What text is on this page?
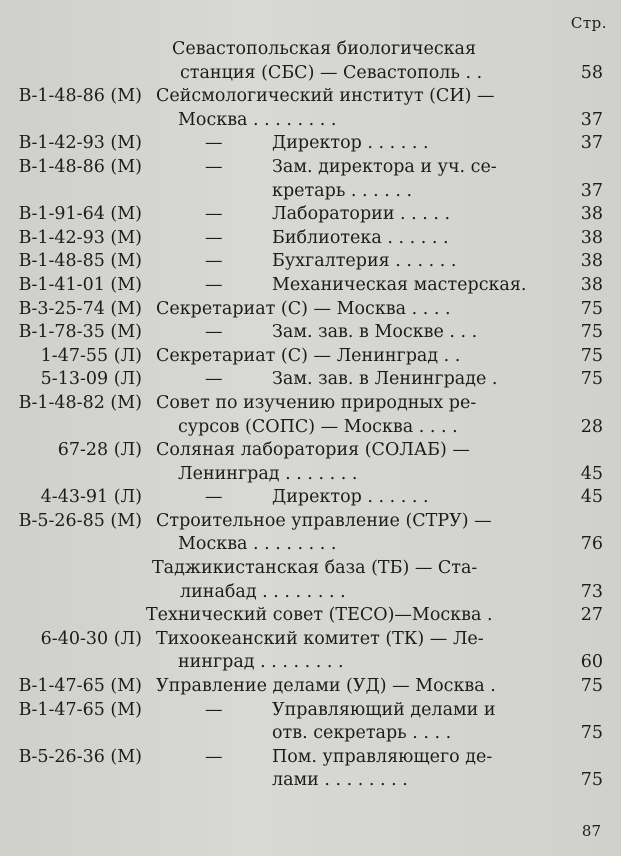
Стр.
Севастопольская биологическая
станция (СБС) — Севастополь . .	58
В-1-48-86 (М) Сейсмологический институт (СИ) —
Москва . . . . . . . .	37
В-1-42-93 (М)	—	Директор . . . . . .	37
В-1-48-86 (М)	—	Зам. директора и уч. се-
кретарь . . . . . .	37
В-1-91-64 (М)	—	Лаборатории . . . . .	38
В-1-42-93 (М)	—	Библиотека . . . . . .	38
В-1-48-85 (М)	—	Бухгалтерия . . . . . .	38
В-1-41-01 (М)	—	Механическая мастерская.	38
В-3-25-74 (М) Секретариат (С) — Москва . . . .	75
В-1-78-35 (М)	—	Зам. зав. в Москве . . .	75
1-47-55 (Л) Секретариат (С) — Ленинград . .	75
5-13-09 (Л)	—	Зам. зав. в Ленинграде .	75
В-1-48-82 (М) Совет по изучению природных ре-
сурсов (СОПС) — Москва . . . .	28
67-28 (Л) Соляная лаборатория (СОЛАБ) —
Ленинград . . . . . . .	45
4-43-91 (Л)	—	Директор . . . . . .	45
В-5-26-85 (М) Строительное управление (СТРУ) —
Москва . . . . . . . .	76
Таджикистанская база (ТБ) — Ста-
линабад . . . . . . . .	73
Технический совет (ТЕСО)—Москва .	27
6-40-30 (Л) Тихоокеанский комитет (ТК) — Ле-
нинград . . . . . . . .	60
В-1-47-65 (М) Управление делами (УД) — Москва .	75
В-1-47-65 (М)	—	Управляющий делами и
отв. секретарь . . . .	75
В-5-26-36 (М)	—	Пом. управляющего де-
лами . . . . . . . .	75
87
